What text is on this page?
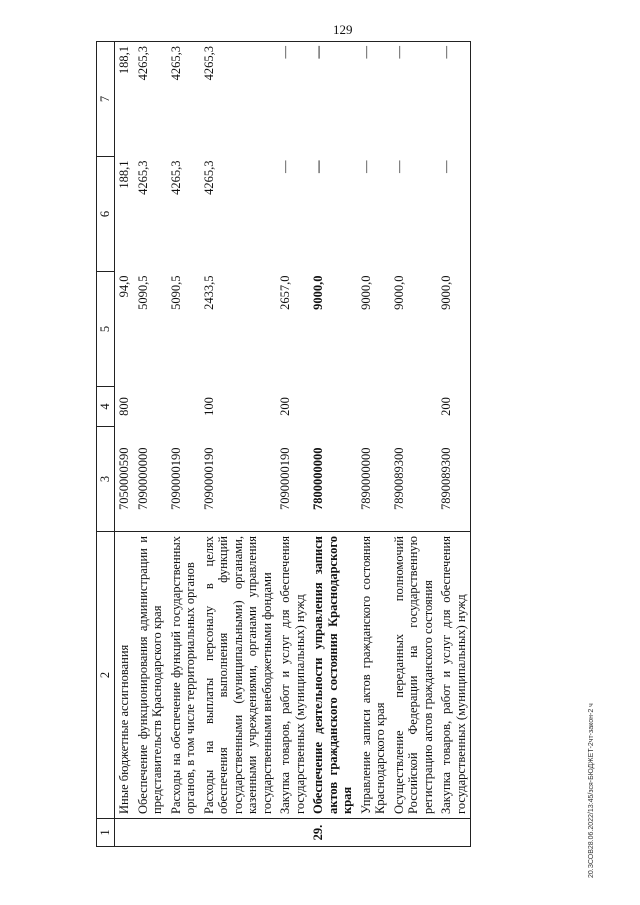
129
1	2	3	4	5	6	7
	Иные бюджетные ассигнования	7050000590	800	94,0	188,1	188,1
	Обеспечение функционирования администрации и представительств Краснодарского края	7090000000		5090,5	4265,3	4265,3
	Расходы на обеспечение функций государственных органов, в том числе территориальных органов	7090000190		5090,5	4265,3	4265,3
	Расходы на выплаты персоналу в целях обеспечения выполнения функций государственными (муниципальными) органами, казенными учреждениями, органами управления государственными внебюджетными фондами	7090000190	100	2433,5	4265,3	4265,3
	Закупка товаров, работ и услуг для обеспечения государственных (муниципальных) нужд	7090000190	200	2657,0	—	—
29.	Обеспечение деятельности управления записи актов гражданского состояния Краснодарского края	7800000000		9000,0	—	—
	Управление записи актов гражданского состояния Краснодарского края	7890000000		9000,0	—	—
	Осуществление переданных полномочий Российской Федерации на государственную регистрацию актов гражданского состояния	7890089300		9000,0	—	—
	Закупка товаров, работ и услуг для обеспечения государственных (муниципальных) нужд	7890089300	200	9000,0	—	—
20.ЗСОВ28.06.2022/13:45/зся-БЮДЖЕТ-2чт-закон-2 ч
